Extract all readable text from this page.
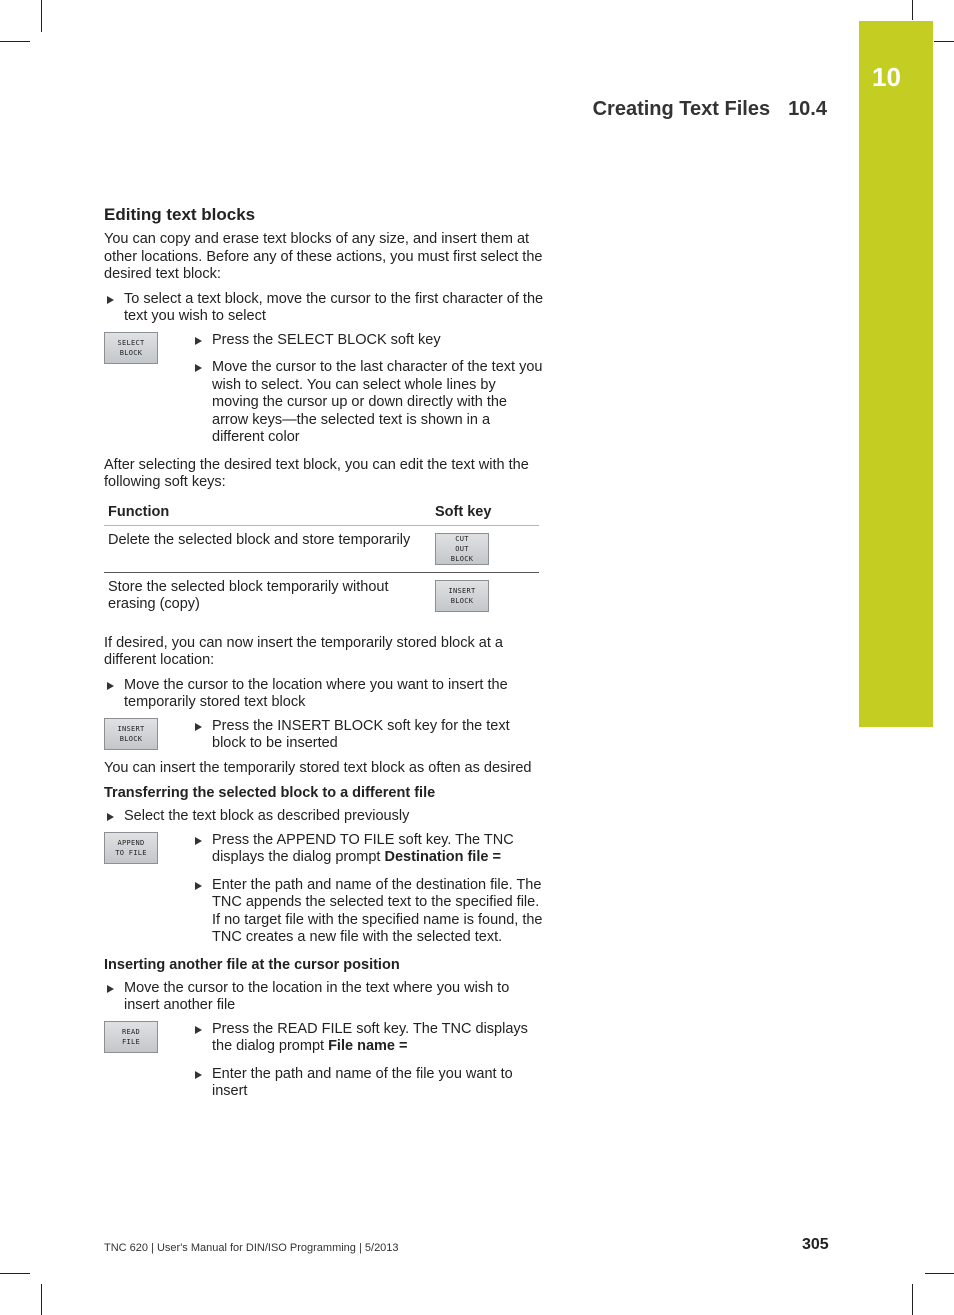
10
Creating Text Files 10.4
Editing text blocks

You can copy and erase text blocks of any size, and insert them at other locations. Before any of these actions, you must first select the desired text block:

To select a text block, move the cursor to the first character of the text you wish to select
SELECT
BLOCK
Press the SELECT BLOCK soft key
Move the cursor to the last character of the text you wish to select. You can select whole lines by moving the cursor up or down directly with the arrow keys—the selected text is shown in a different color

After selecting the desired text block, you can edit the text with the following soft keys:

Function	Soft key
Delete the selected block and store temporarily	CUT
OUT
BLOCK

Store the selected block temporarily without erasing (copy)	INSERT
BLOCK

If desired, you can now insert the temporarily stored block at a different location:

Move the cursor to the location where you want to insert the temporarily stored text block
INSERT
BLOCK
Press the INSERT BLOCK soft key for the text block to be inserted

You can insert the temporarily stored text block as often as desired

Transferring the selected block to a different file
Select the text block as described previously
APPEND
TO FILE
Press the APPEND TO FILE soft key. The TNC displays the dialog prompt Destination file =
Enter the path and name of the destination file. The TNC appends the selected text to the specified file. If no target file with the specified name is found, the TNC creates a new file with the selected text.
Inserting another file at the cursor position
Move the cursor to the location in the text where you wish to insert another file
READ
FILE
Press the READ FILE soft key. The TNC displays the dialog prompt File name =
Enter the path and name of the file you want to insert
TNC 620 | User's Manual for DIN/ISO Programming | 5/2013	305
